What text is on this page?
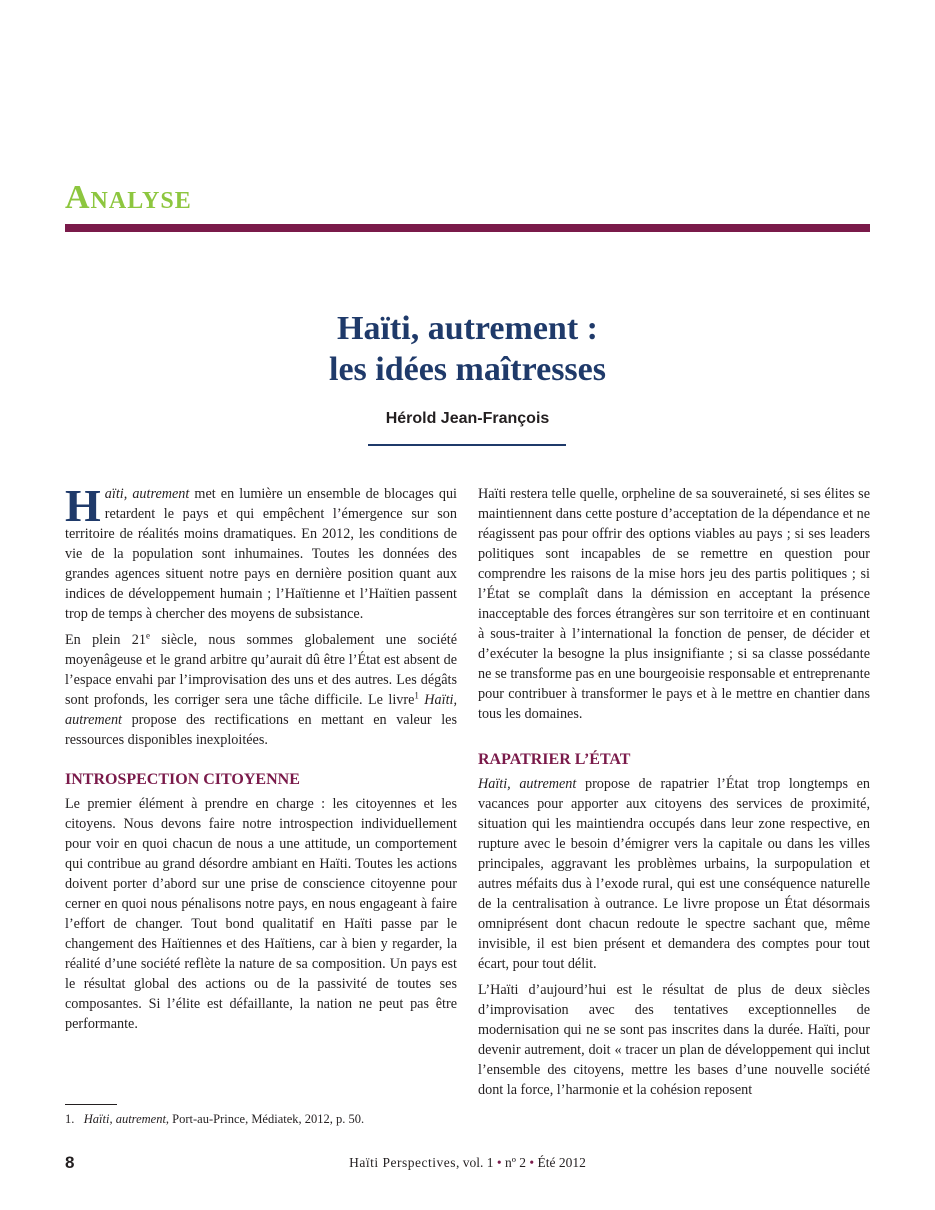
Analyse
Haïti, autrement :
les idées maîtresses
Hérold Jean-François

Haïti, autrement met en lumière un ensemble de blocages qui retardent le pays et qui empêchent l’émergence sur son territoire de réalités moins dramatiques. En 2012, les conditions de vie de la population sont inhumaines. Toutes les données des grandes agences situent notre pays en dernière position quant aux indices de développement humain ; l’Haïtienne et l’Haïtien passent trop de temps à chercher des moyens de subsistance.

En plein 21e siècle, nous sommes globalement une société moyenâgeuse et le grand arbitre qu’aurait dû être l’État est absent de l’espace envahi par l’improvisation des uns et des autres. Les dégâts sont profonds, les corriger sera une tâche difficile. Le livre$^1$ Haïti, autrement propose des rectifications en mettant en valeur les ressources disponibles inexploitées.

INTROSPECTION CITOYENNE

Le premier élément à prendre en charge : les citoyennes et les citoyens. Nous devons faire notre introspection individuellement pour voir en quoi chacun de nous a une attitude, un comportement qui contribue au grand désordre ambiant en Haïti. Toutes les actions doivent porter d’abord sur une prise de conscience citoyenne pour cerner en quoi nous pénalisons notre pays, en nous engageant à faire l’effort de changer. Tout bond qualitatif en Haïti passe par le changement des Haïtiennes et des Haïtiens, car à bien y regarder, la réalité d’une société reflète la nature de sa composition. Un pays est le résultat global des actions ou de la passivité de toutes ses composantes. Si l’élite est défaillante, la nation ne peut pas être performante.

Haïti restera telle quelle, orpheline de sa souveraineté, si ses élites se maintiennent dans cette posture d’acceptation de la dépendance et ne réagissent pas pour offrir des options viables au pays ; si ses leaders politiques sont incapables de se remettre en question pour comprendre les raisons de la mise hors jeu des partis politiques ; si l’État se complaît dans la démission en acceptant la présence inacceptable des forces étrangères sur son territoire et en continuant à sous-traiter à l’international la fonction de penser, de décider et d’exécuter la besogne la plus insignifiante ; si sa classe possédante ne se transforme pas en une bourgeoisie responsable et entreprenante pour contribuer à transformer le pays et à le mettre en chantier dans tous les domaines.

RAPATRIER L’ÉTAT

Haïti, autrement propose de rapatrier l’État trop longtemps en vacances pour apporter aux citoyens des services de proximité, situation qui les maintiendra occupés dans leur zone respective, en rupture avec le besoin d’émigrer vers la capitale ou dans les villes principales, aggravant les problèmes urbains, la surpopulation et autres méfaits dus à l’exode rural, qui est une conséquence naturelle de la centralisation à outrance. Le livre propose un État désormais omniprésent dont chacun redoute le spectre sachant que, même invisible, il est bien présent et demandera des comptes pour tout écart, pour tout délit.

L’Haïti d’aujourd’hui est le résultat de plus de deux siècles d’improvisation avec des tentatives exceptionnelles de modernisation qui ne se sont pas inscrites dans la durée. Haïti, pour devenir autrement, doit « tracer un plan de développement qui inclut l’ensemble des citoyens, mettre les bases d’une nouvelle société dont la force, l’harmonie et la cohésion reposent

1. Haïti, autrement, Port-au-Prince, Médiatek, 2012, p. 50.
8	Haïti Perspectives, vol. 1 • nº 2 • Été 2012
